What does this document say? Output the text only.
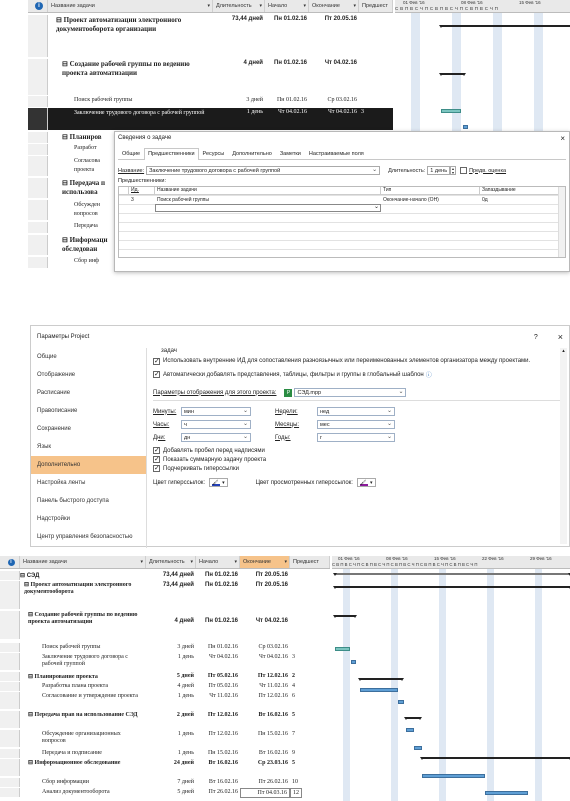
i	Название задачи ▾	Длительность ▾	Начало ▾	Окончание ▾	Предшест
01 Фев '16	08 Фев '16	15 Фев '16
С В П В С Ч П С В П В С Ч П С В П В С Ч П
⊟ Проект автоматизации электронного документооборота организации
73,44 дней	Пн 01.02.16	Пт 20.05.16
⊟ Создание рабочей группы по ведению проекта автоматизации
4 дней	Пн 01.02.16	Чт 04.02.16
Поиск рабочей группы	3 дней	Пн 01.02.16	Ср 03.02.16
Заключение трудового договора с рабочей группой	1 день	Чт 04.02.16	Чт 04.02.16 3
⊟ Планиров
Разработ
Согласова проекта
⊟ Передача п использова
Обсужден вопросов
Передача
⊟ Информаци обследован
Сбор инф
Сведения о задаче	×
Общие	Предшественники	Ресурсы	Дополнительно	Заметки	Настраиваемые поля
Название: Заключение трудового договора с рабочей группой ⌄	Длительность: 1 день	▴
▾	Предв. оценка
Предшественники:
Ид.	Название задачи	Тип	Запаздывание
3	Поиск рабочей группы	Окончание-начало (ОН)	0д
⌄
Параметры Project	? ×
Общие
Отображение
Расписание
Правописание
Сохранение
Язык
Дополнительно
Настройка ленты
Панель быстрого доступа
Надстройки
Центр управления безопасностью
задач
✓
Использовать внутренние ИД для сопоставления разноязычных или переименованных элементов организатора между проектами.
✓
Автоматически добавлять представления, таблицы, фильтры и группы в глобальный шаблон ⓘ
Параметры отображения для этого проекта:	P	СЭД.mpp ⌄
Минуты:	мин ⌄	Недели:	нед ⌄
Часы:	ч ⌄	Месяцы:	мес ⌄
Дни:	дн ⌄	Годы:	г ⌄
✓
Добавлять пробел перед надписями
✓
Показать суммарную задачу проекта
✓
Подчеркивать гиперссылки
Цвет гиперссылок: 🖌 ▾	Цвет просмотренных гиперссылок: 🖌 ▾
▴
i	Название задачи ▾	Длительность ▾	Начало ▾	Окончание ▾	Предшест
01 Фев '16	08 Фев '16	15 Фев '16	22 Фев '16	29 Фев '16
С В П В С Ч П С В П В С Ч П С В П В С Ч П С В П В С Ч П С В П В С Ч П
⊟ СЭД	73,44 дней	Пн 01.02.16	Пт 20.05.16
⊟ Проект автоматизации электронного документооборота
73,44 дней	Пн 01.02.16	Пт 20.05.16
⊟ Создание рабочей группы по ведению проекта автоматизации	4 дней	Пн 01.02.16	Чт 04.02.16
Поиск рабочей группы	3 дней	Пн 01.02.16	Ср 03.02.16
Заключение трудового договора с рабочей группой
1 день	Чт 04.02.16	Чт 04.02.16 3
⊟ Планирование проекта	5 дней	Пт 05.02.16	Пт 12.02.16 2
Разработка плана проекта	4 дней	Пт 05.02.16	Чт 11.02.16 4
Согласование и утверждение проекта	1 день	Чт 11.02.16	Пт 12.02.16 6
⊟ Передача прав на использование СЭД	2 дней	Пт 12.02.16	Вт 16.02.16 5
Обсуждение организационных вопросов
1 день	Пт 12.02.16	Пн 15.02.16 7
Передача и подписание	1 день	Пн 15.02.16	Вт 16.02.16 9
⊟ Информационное обследование	24 дней	Вт 16.02.16	Ср 23.03.16 5
Сбор информации	7 дней	Вт 16.02.16	Пт 26.02.16 10
Анализ документооборота	5 дней	Пт 26.02.16	Пт 04.03.16	12
